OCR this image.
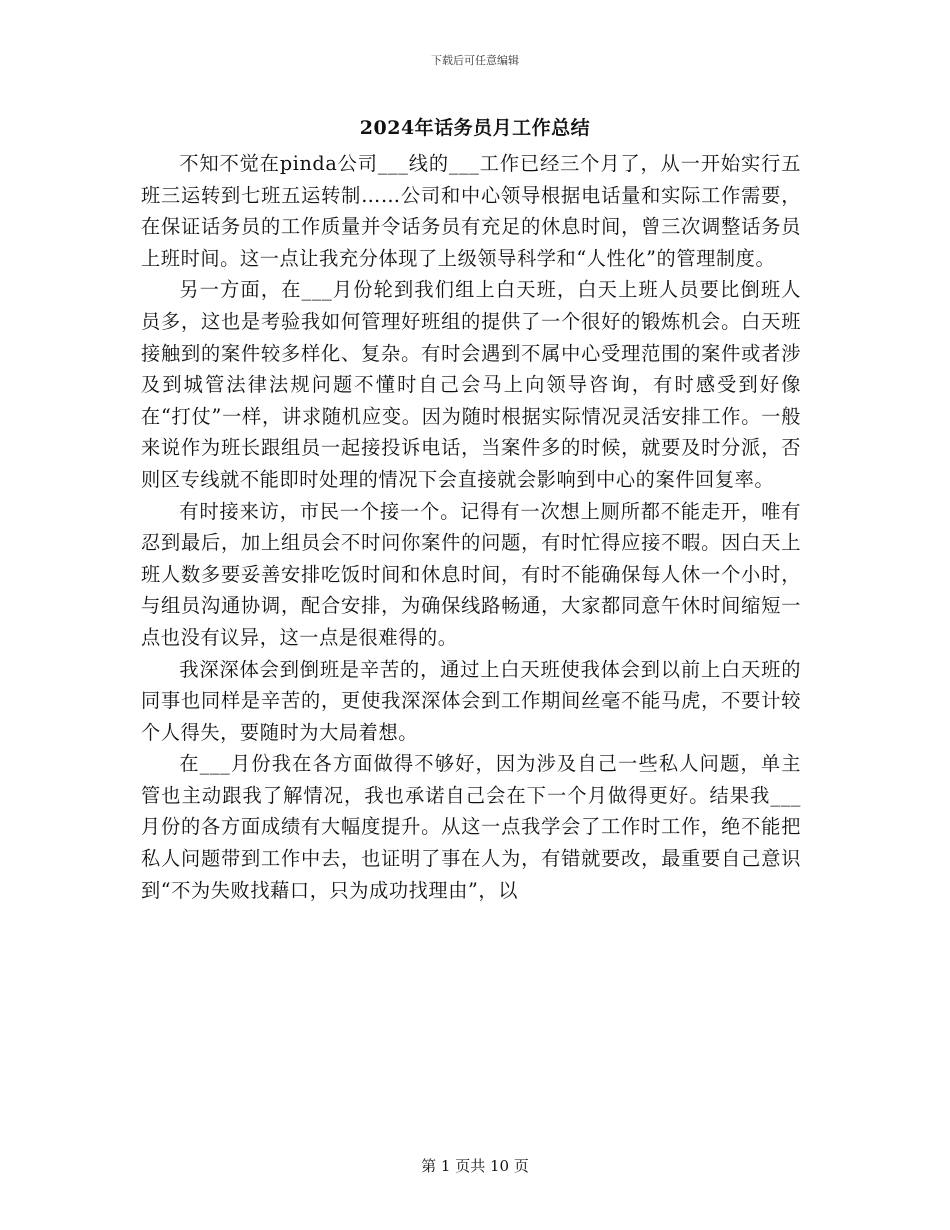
下载后可任意编辑
2024年话务员月工作总结

不知不觉在pinda公司___线的___工作已经三个月了，从一开始实行五班三运转到七班五运转制……公司和中心领导根据电话量和实际工作需要，在保证话务员的工作质量并令话务员有充足的休息时间，曾三次调整话务员上班时间。这一点让我充分体现了上级领导科学和“人性化”的管理制度。

另一方面，在___月份轮到我们组上白天班，白天上班人员要比倒班人员多，这也是考验我如何管理好班组的提供了一个很好的锻炼机会。白天班接触到的案件较多样化、复杂。有时会遇到不属中心受理范围的案件或者涉及到城管法律法规问题不懂时自己会马上向领导咨询，有时感受到好像在“打仗”一样，讲求随机应变。因为随时根据实际情况灵活安排工作。一般来说作为班长跟组员一起接投诉电话，当案件多的时候，就要及时分派，否则区专线就不能即时处理的情况下会直接就会影响到中心的案件回复率。

有时接来访，市民一个接一个。记得有一次想上厕所都不能走开，唯有忍到最后，加上组员会不时问你案件的问题，有时忙得应接不暇。因白天上班人数多要妥善安排吃饭时间和休息时间，有时不能确保每人休一个小时，与组员沟通协调，配合安排，为确保线路畅通，大家都同意午休时间缩短一点也没有议异，这一点是很难得的。

我深深体会到倒班是辛苦的，通过上白天班使我体会到以前上白天班的同事也同样是辛苦的，更使我深深体会到工作期间丝毫不能马虎，不要计较个人得失，要随时为大局着想。

在___月份我在各方面做得不够好，因为涉及自己一些私人问题，单主管也主动跟我了解情况，我也承诺自己会在下一个月做得更好。结果我___月份的各方面成绩有大幅度提升。从这一点我学会了工作时工作，绝不能把私人问题带到工作中去，也证明了事在人为，有错就要改，最重要自己意识到“不为失败找藉口，只为成功找理由”，以

第 1 页共 10 页
